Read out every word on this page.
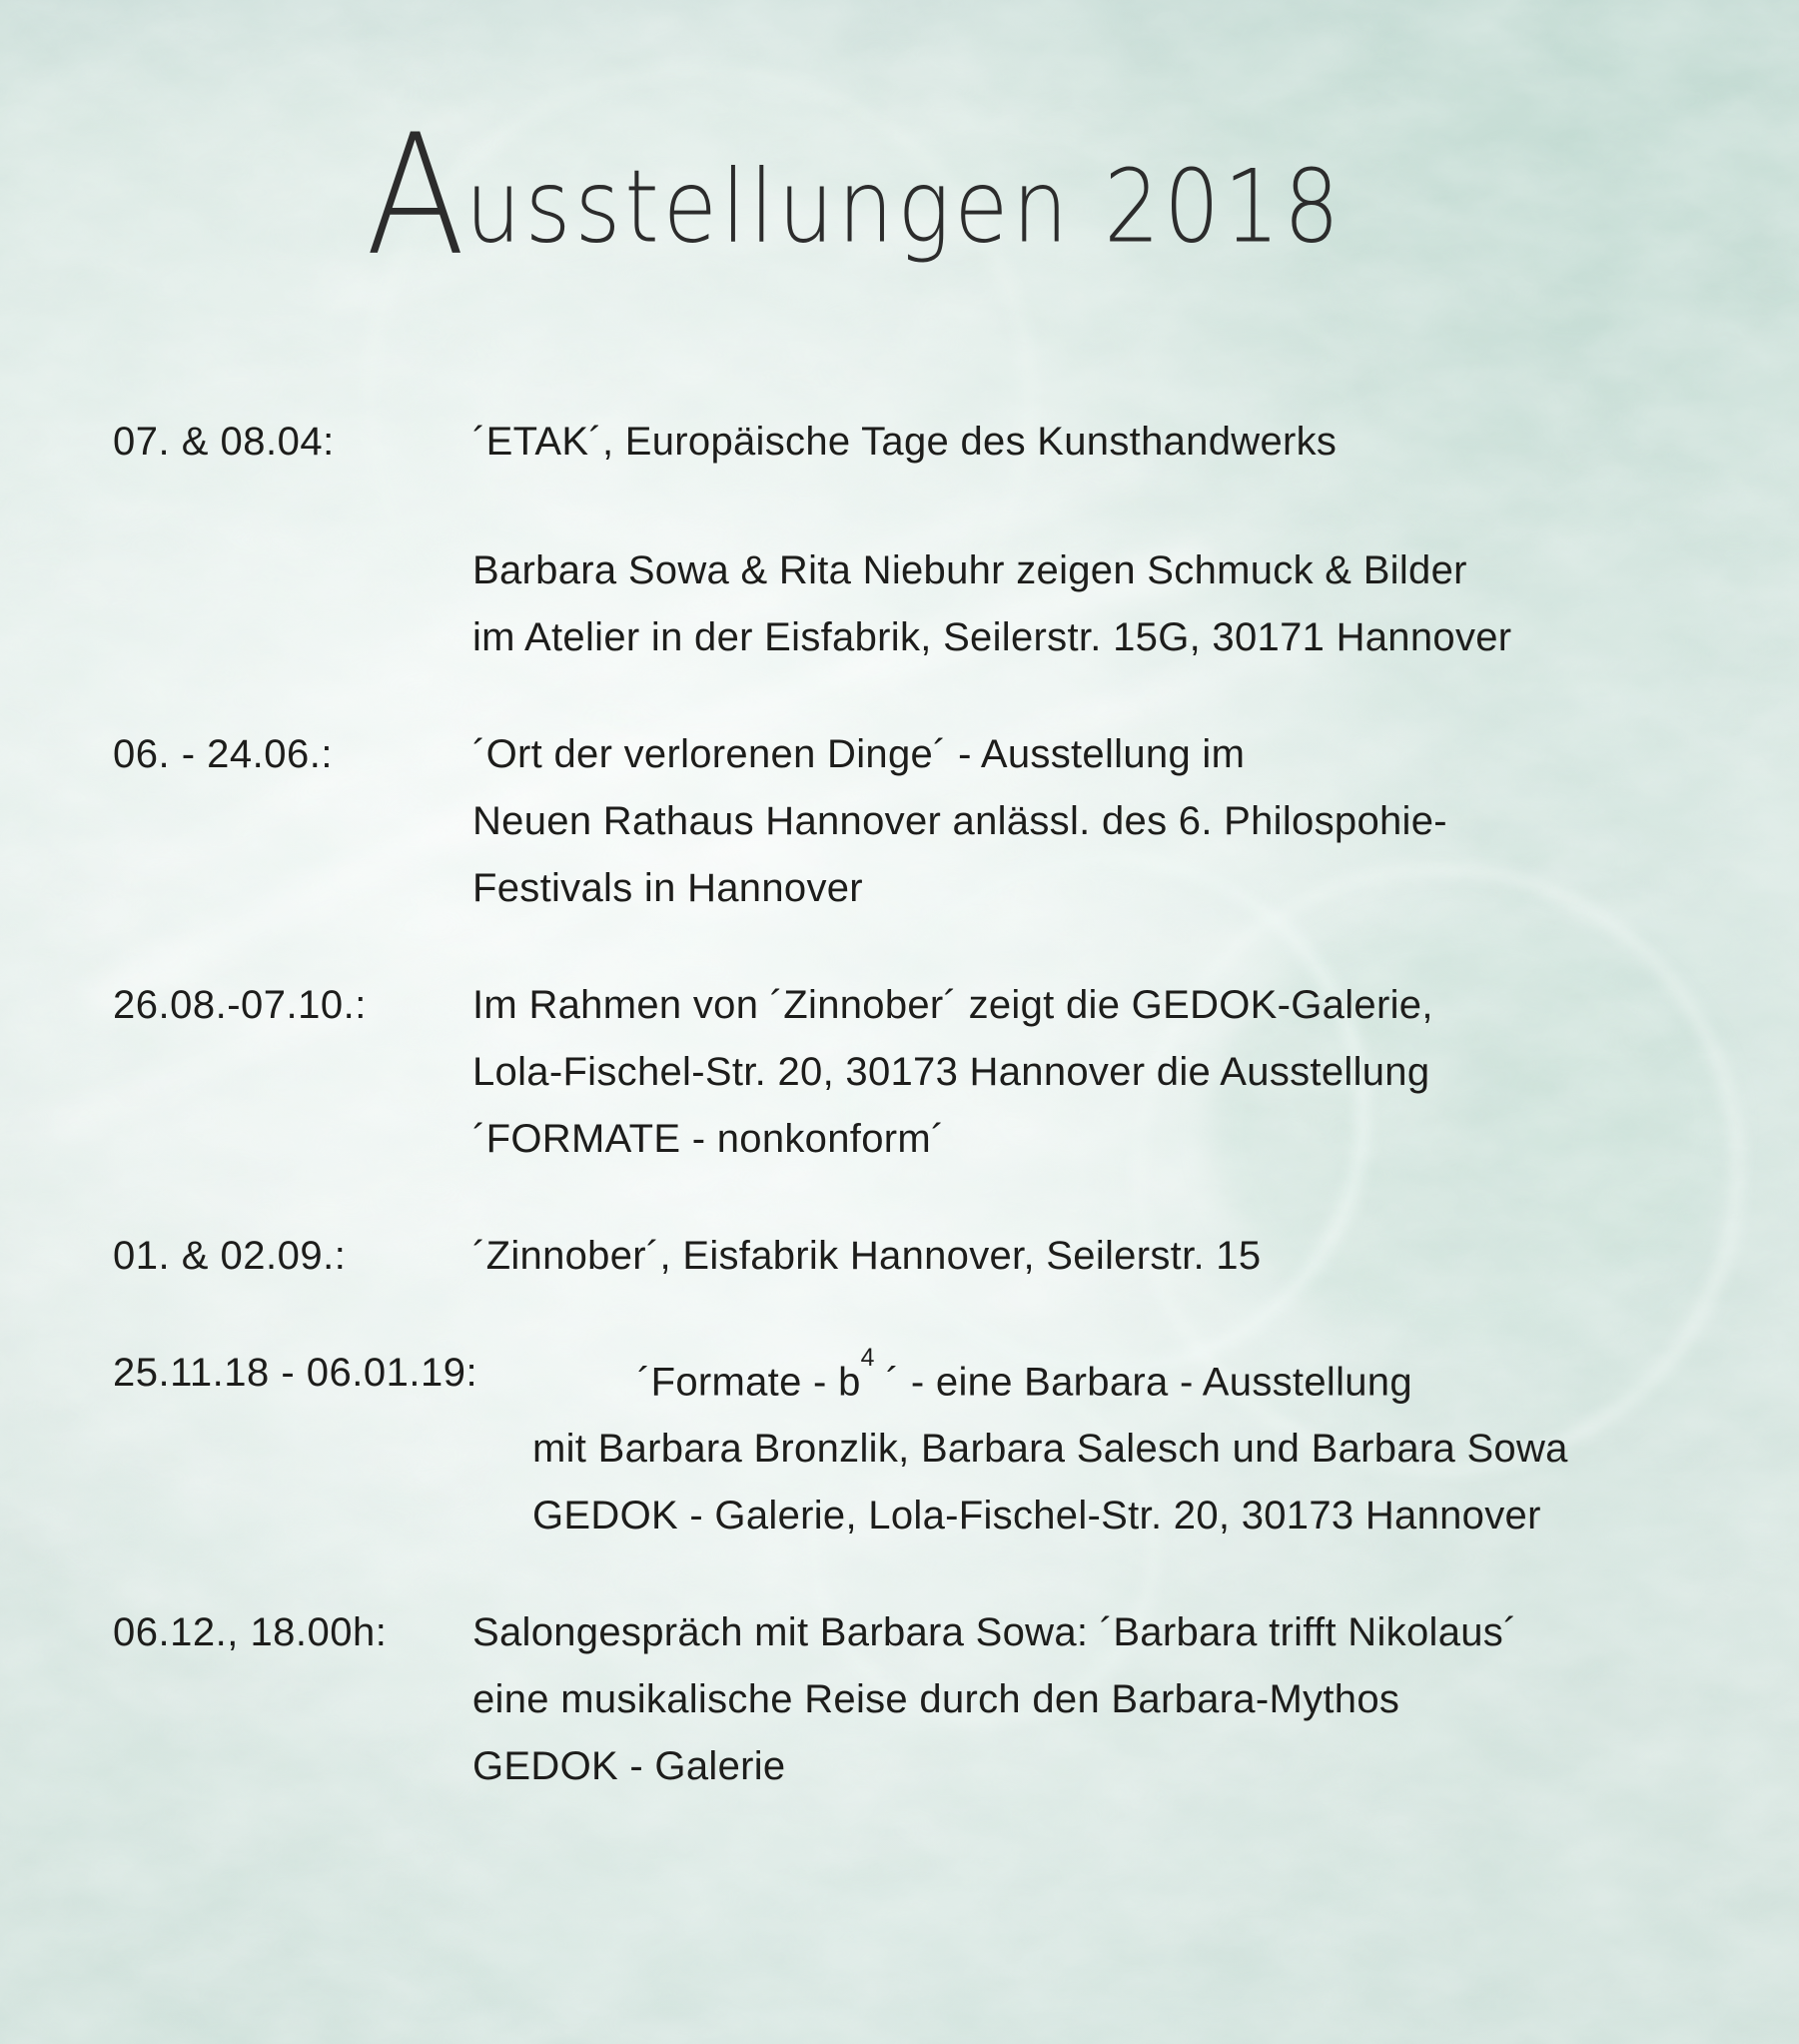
Ausstellungen 2018
07. & 08.04:	´ETAK´, Europäische Tage des Kunsthandwerks
Barbara Sowa & Rita Niebuhr zeigen Schmuck & Bilder
im Atelier in der Eisfabrik, Seilerstr. 15G, 30171 Hannover
06. - 24.06.:	´Ort der verlorenen Dinge´ - Ausstellung im
Neuen Rathaus Hannover anlässl. des 6. Philospohie-
Festivals in Hannover
26.08.-07.10.:	Im Rahmen von ´Zinnober´ zeigt die GEDOK-Galerie,
Lola-Fischel-Str. 20, 30173 Hannover die Ausstellung
´FORMATE - nonkonform´
01. & 02.09.:	´Zinnober´, Eisfabrik Hannover, Seilerstr. 15
25.11.18 - 06.01.19:	´Formate - $b^4$ ´ - eine Barbara - Ausstellung
mit Barbara Bronzlik, Barbara Salesch und Barbara Sowa
GEDOK - Galerie, Lola-Fischel-Str. 20, 30173 Hannover
06.12., 18.00h:	Salongespräch mit Barbara Sowa: ´Barbara trifft Nikolaus´
eine musikalische Reise durch den Barbara-Mythos
GEDOK - Galerie
